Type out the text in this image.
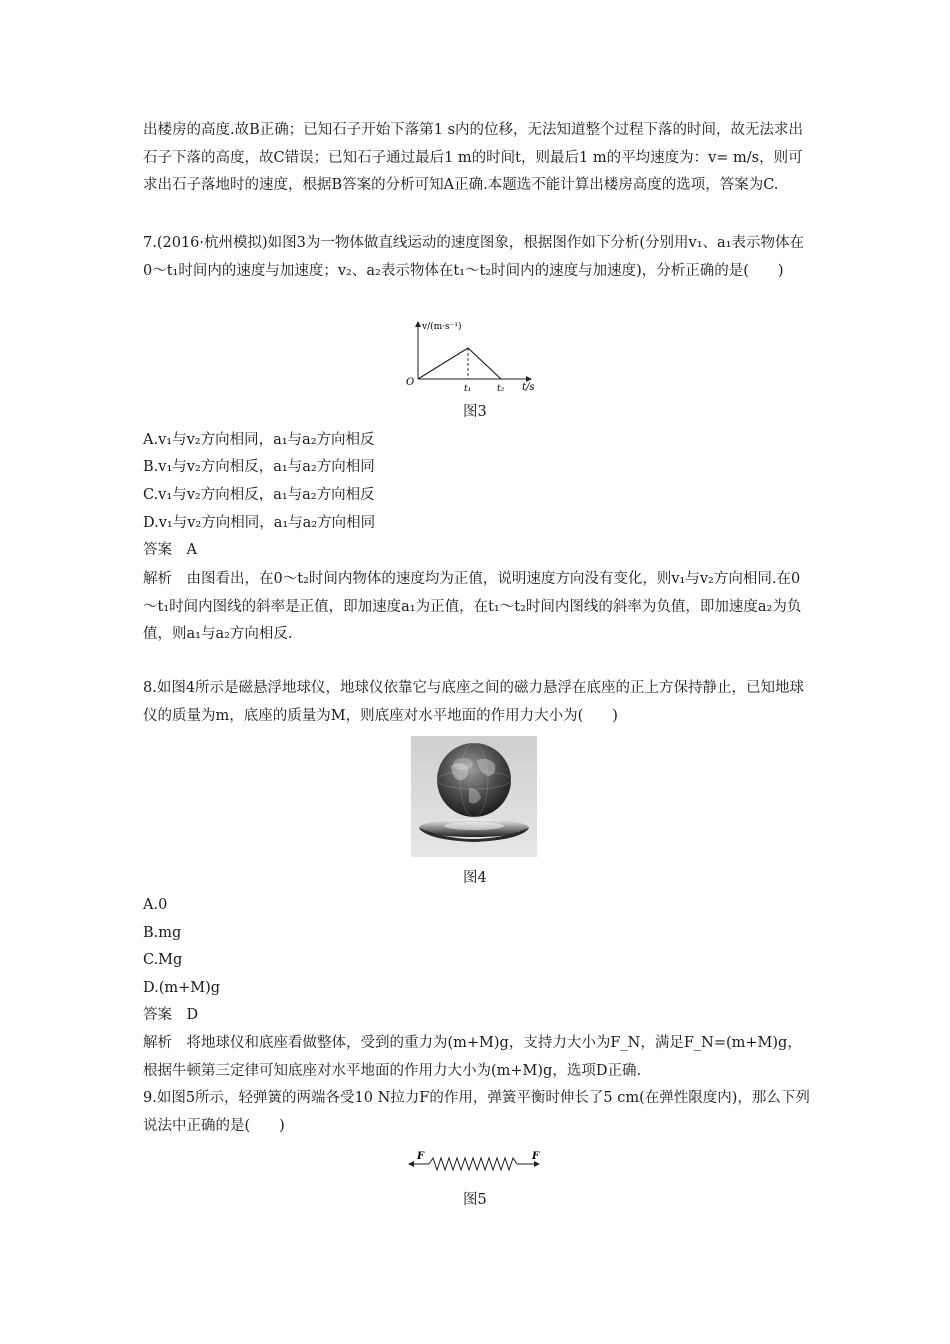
出楼房的高度.故B正确；已知石子开始下落第1 s内的位移，无法知道整个过程下落的时间，故无法求出石子下落的高度，故C错误；已知石子通过最后1 m的时间t，则最后1 m的平均速度为：v= m/s，则可求出石子落地时的速度，根据B答案的分析可知A正确.本题选不能计算出楼房高度的选项，答案为C.
7.(2016·杭州模拟)如图3为一物体做直线运动的速度图象，根据图作如下分析(分别用v₁、a₁表示物体在0～t₁时间内的速度与加速度；v₂、a₂表示物体在t₁～t₂时间内的速度与加速度)，分析正确的是(　　)
v/(m·s⁻¹)
t/s
O
t₁	t₂
图3
A.v₁与v₂方向相同，a₁与a₂方向相反
B.v₁与v₂方向相反，a₁与a₂方向相同
C.v₁与v₂方向相反，a₁与a₂方向相反
D.v₁与v₂方向相同，a₁与a₂方向相同
答案　A
解析　由图看出，在0～t₂时间内物体的速度均为正值，说明速度方向没有变化，则v₁与v₂方向相同.在0～t₁时间内图线的斜率是正值，即加速度a₁为正值，在t₁～t₂时间内图线的斜率为负值，即加速度a₂为负值，则a₁与a₂方向相反.
8.如图4所示是磁悬浮地球仪，地球仪依靠它与底座之间的磁力悬浮在底座的正上方保持静止，已知地球仪的质量为m，底座的质量为M，则底座对水平地面的作用力大小为(　　)
图4
A.0
B.mg
C.Mg
D.(m+M)g
答案　D
解析　将地球仪和底座看做整体，受到的重力为(m+M)g，支持力大小为F_N，满足F_N=(m+M)g，根据牛顿第三定律可知底座对水平地面的作用力大小为(m+M)g，选项D正确.
9.如图5所示，轻弹簧的两端各受10 N拉力F的作用，弹簧平衡时伸长了5 cm(在弹性限度内)，那么下列说法中正确的是(　　)
F	F
图5
